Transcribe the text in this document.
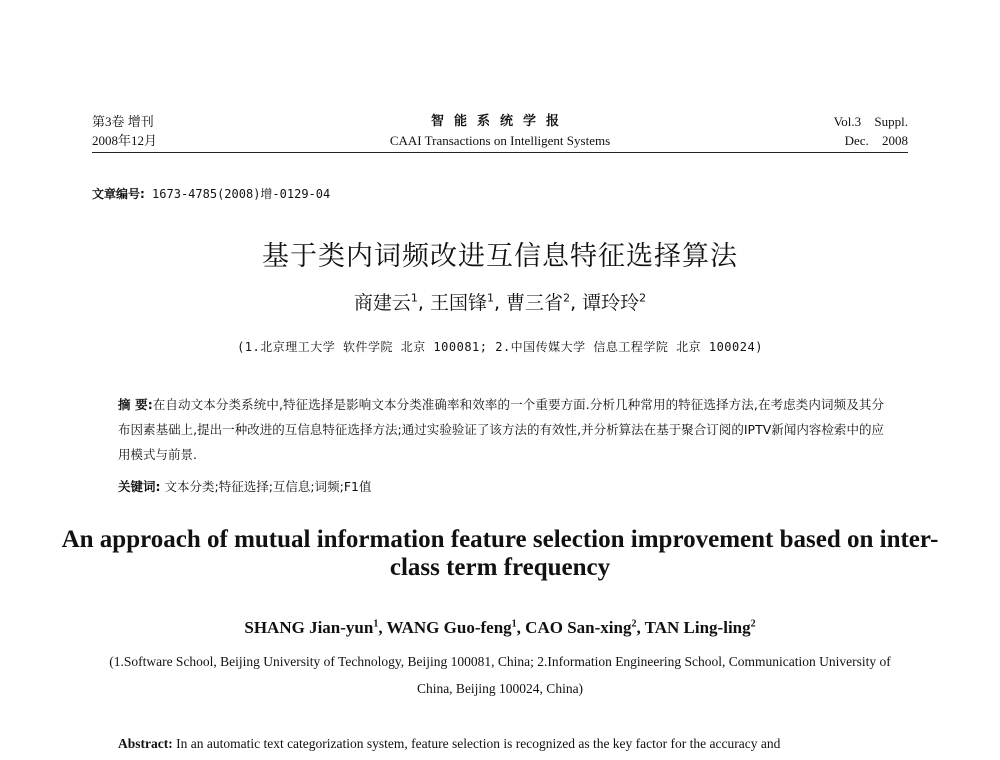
第3卷 增刊
2008年12月
智能系统学报
CAAI Transactions on Intelligent Systems
Vol.3 Suppl.
Dec. 2008
文章编号: 1673-4785(2008)增-0129-04
基于类内词频改进互信息特征选择算法
商建云$^1$, 王国锋$^1$, 曹三省$^2$, 谭玲玲$^2$
(1.北京理工大学 软件学院 北京 100081; 2.中国传媒大学 信息工程学院 北京 100024)
摘 要:在自动文本分类系统中,特征选择是影响文本分类准确率和效率的一个重要方面.分析几种常用的特征选择方法,在考虑类内词频及其分布因素基础上,提出一种改进的互信息特征选择方法;通过实验验证了该方法的有效性,并分析算法在基于聚合订阅的IPTV新闻内容检索中的应用模式与前景.
关键词: 文本分类;特征选择;互信息;词频;F1值
An approach of mutual information feature selection improvement based on inter-class term frequency
SHANG Jian-yun$^1$, WANG Guo-feng$^1$, CAO San-xing$^2$, TAN Ling-ling$^2$
(1.Software School, Beijing University of Technology, Beijing 100081, China; 2.Information Engineering School, Communication University of China, Beijing 100024, China)
Abstract: In an automatic text categorization system, feature selection is recognized as the key factor for the accuracy and
